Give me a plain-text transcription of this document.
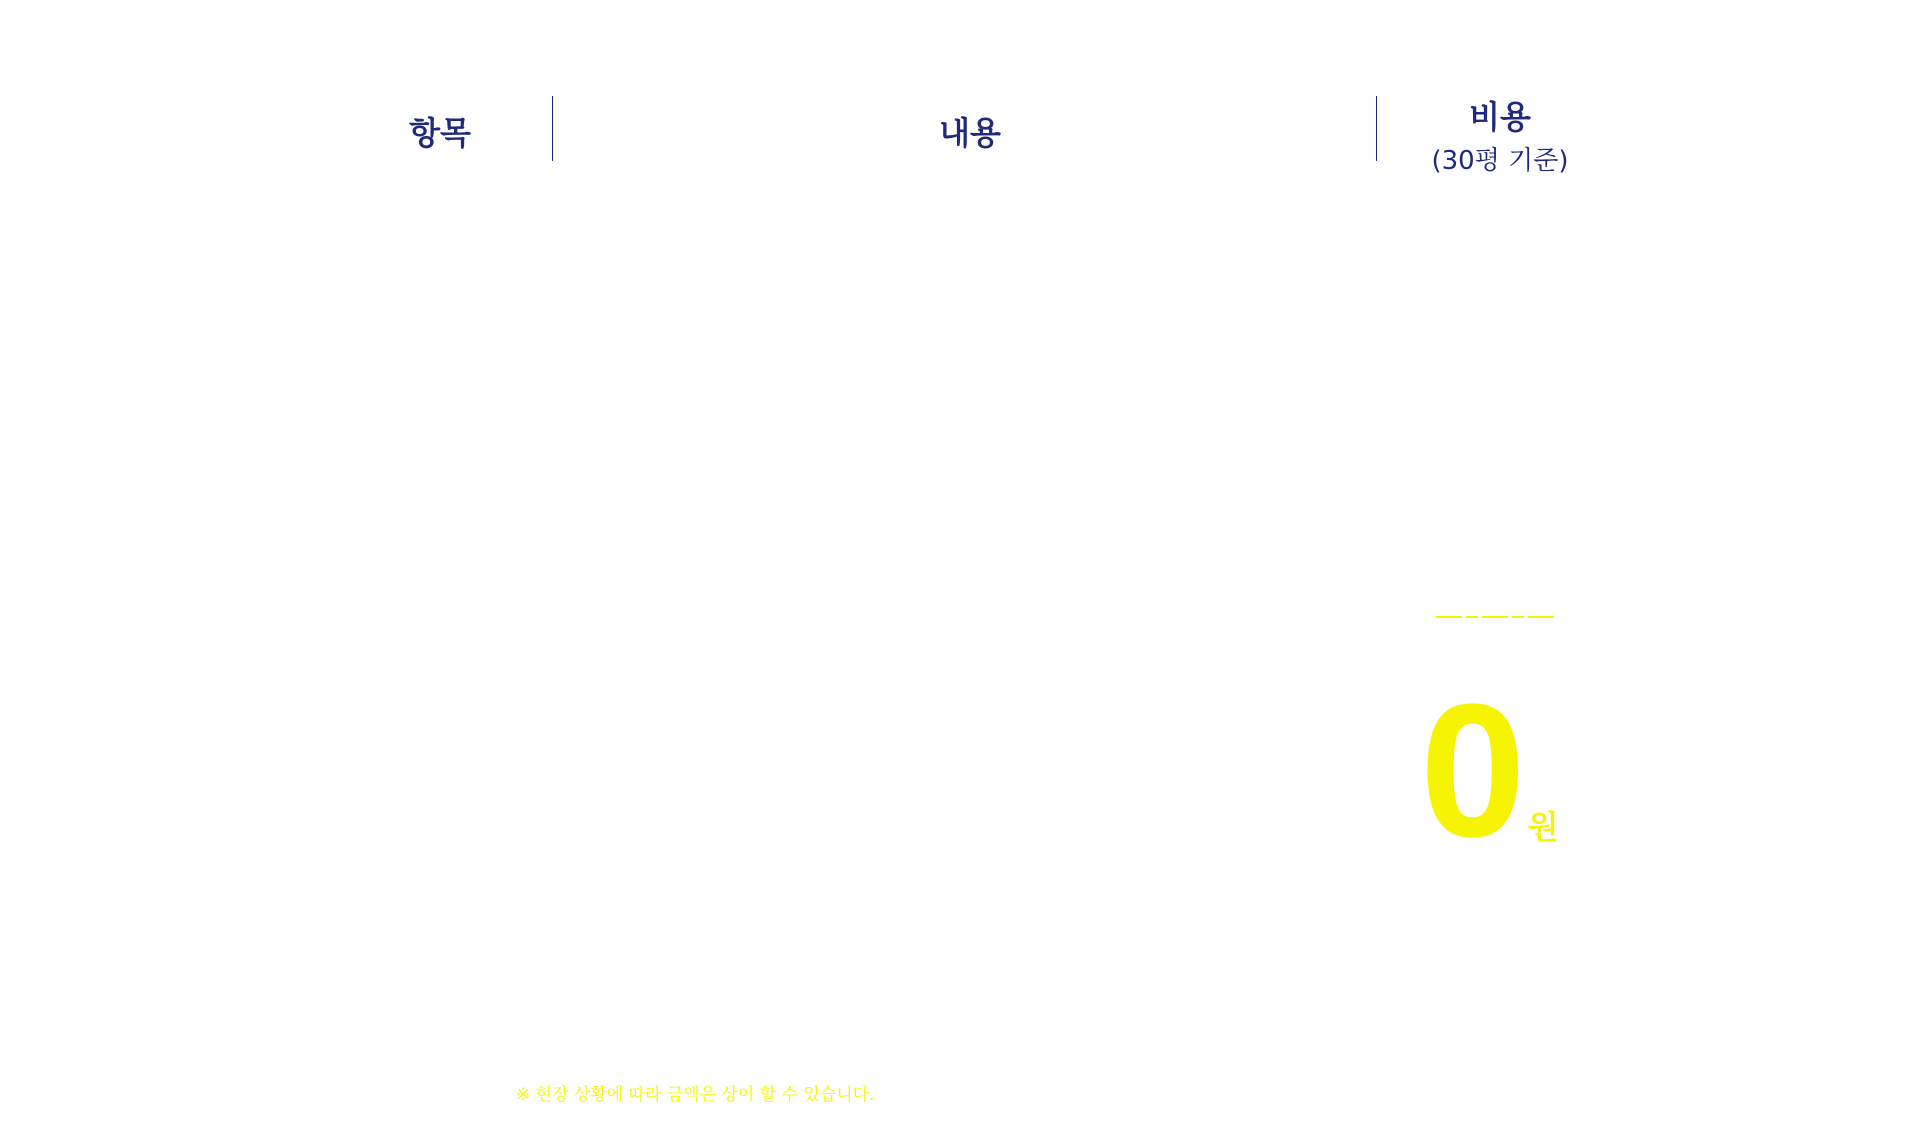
항목	내용	비용
(30평 기준)
0원
※ 현장 상황에 따라 금액은 상이 할 수 있습니다.
